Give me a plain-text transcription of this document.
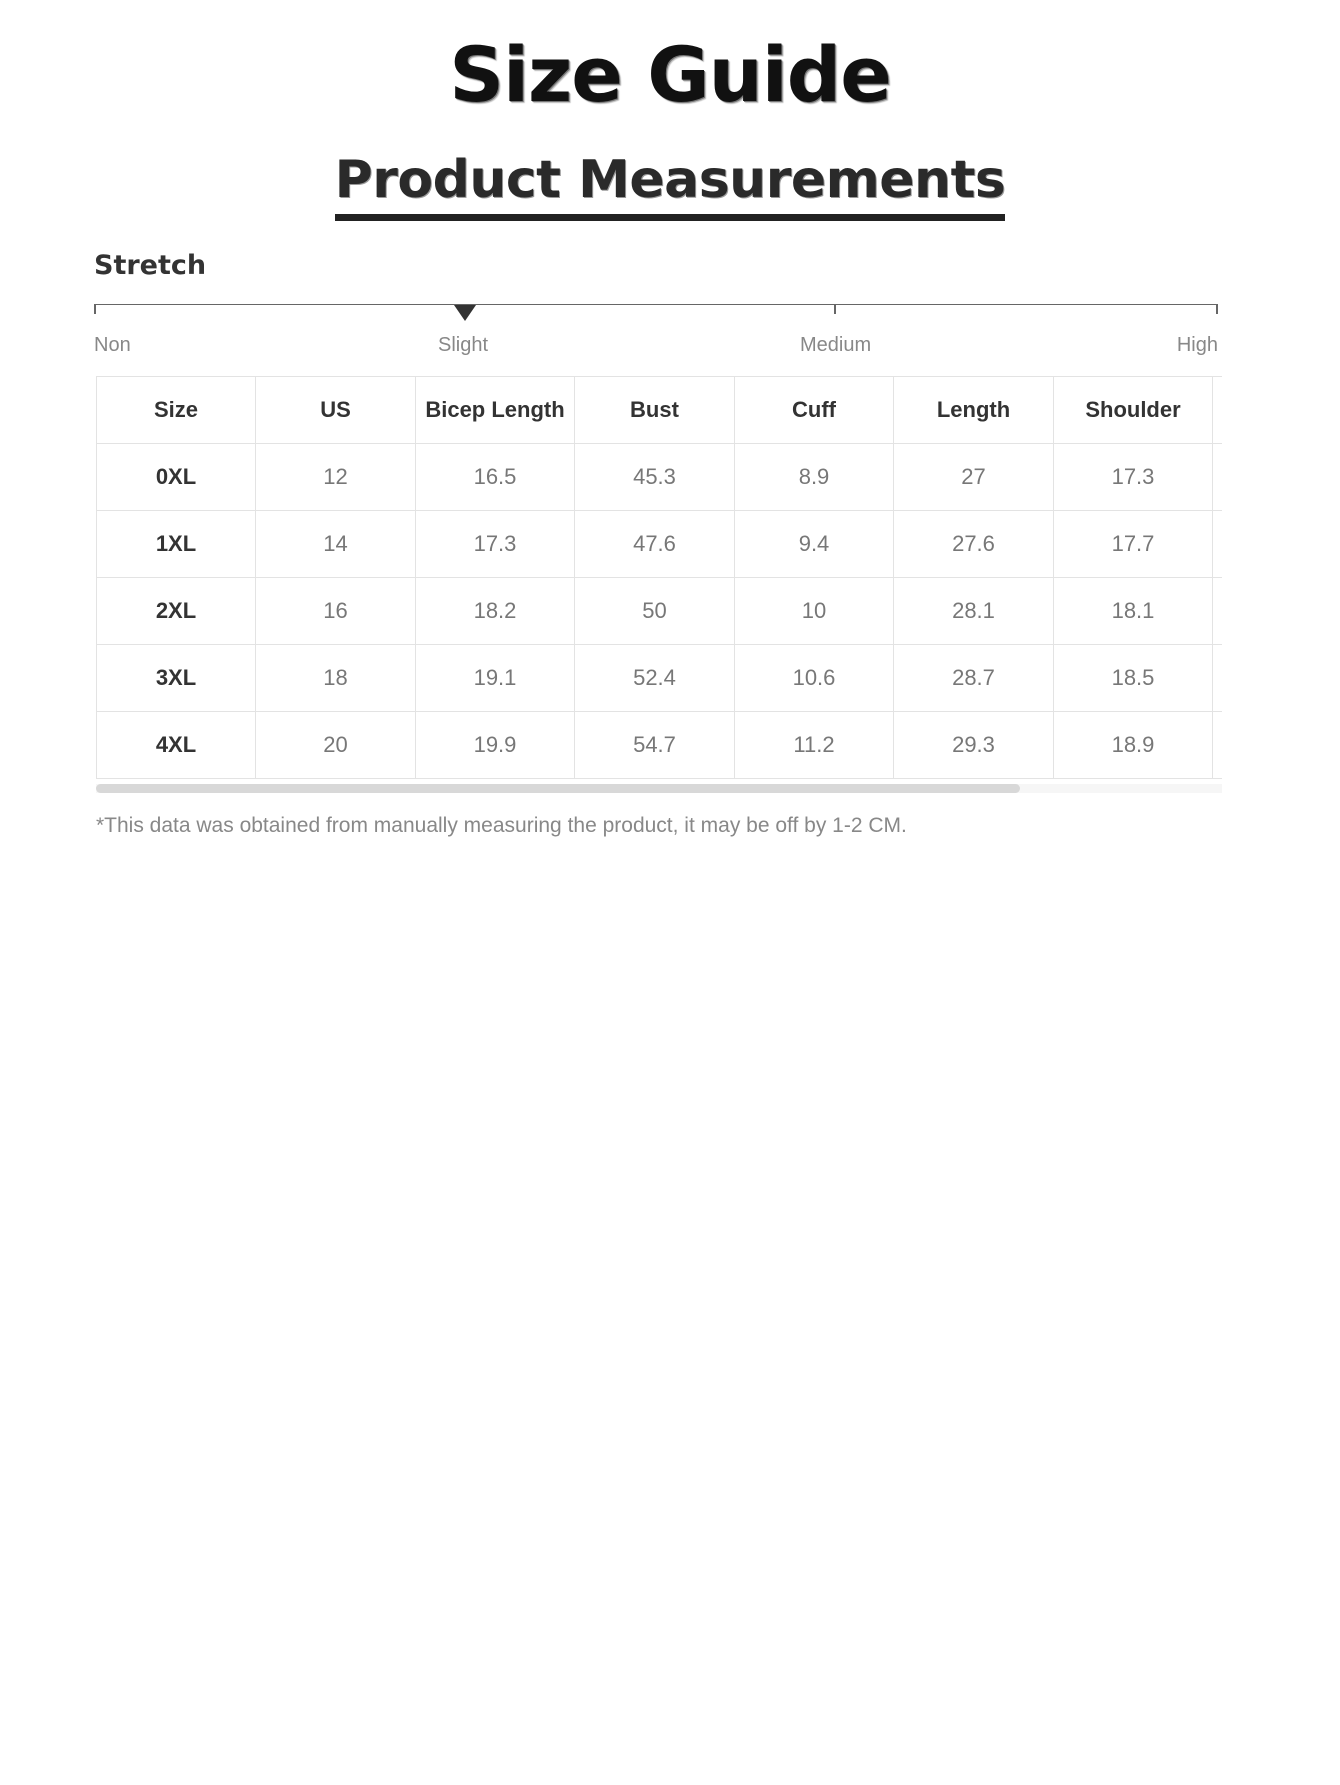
Size Guide
Product Measurements
Stretch
Non	Slight	Medium	High
Size	US	Bicep Length	Bust	Cuff	Length	Shoulder	
0XL	12	16.5	45.3	8.9	27	17.3	
1XL	14	17.3	47.6	9.4	27.6	17.7	
2XL	16	18.2	50	10	28.1	18.1	
3XL	18	19.1	52.4	10.6	28.7	18.5	
4XL	20	19.9	54.7	11.2	29.3	18.9	
*This data was obtained from manually measuring the product, it may be off by 1-2 CM.
